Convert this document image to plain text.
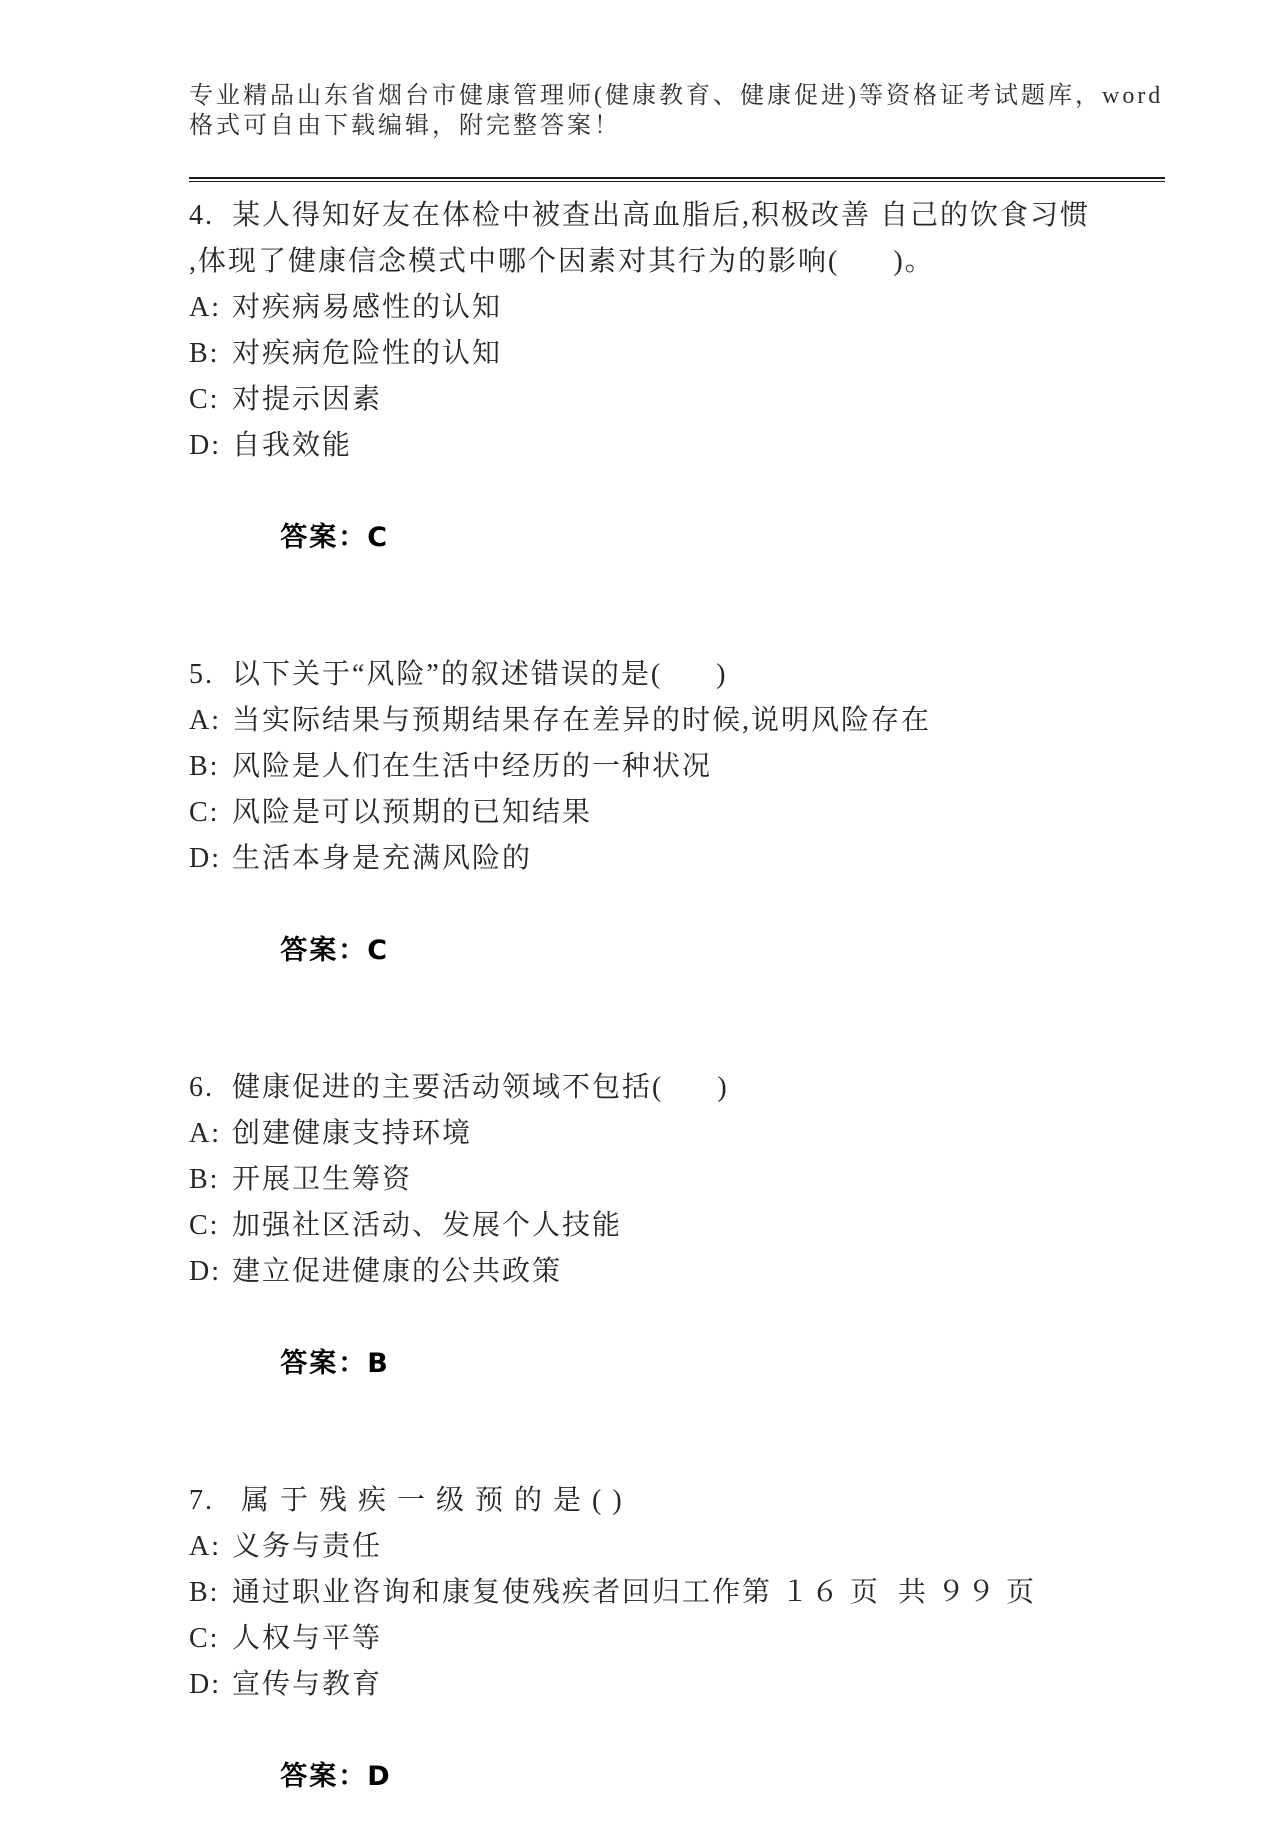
专业精品山东省烟台市健康管理师(健康教育、健康促进)等资格证考试题库，word
格式可自由下载编辑，附完整答案！
4. 某人得知好友在体检中被查出高血脂后,积极改善 自己的饮食习惯
,体现了健康信念模式中哪个因素对其行为的影响(      )。
A: 对疾病易感性的认知
B: 对疾病危险性的认知
C: 对提示因素
D: 自我效能

答案：C

5. 以下关于“风险”的叙述错误的是(      )
A: 当实际结果与预期结果存在差异的时候,说明风险存在
B: 风险是人们在生活中经历的一种状况
C: 风险是可以预期的已知结果
D: 生活本身是充满风险的

答案：C

6. 健康促进的主要活动领域不包括(      )
A: 创建健康支持环境
B: 开展卫生筹资
C: 加强社区活动、发展个人技能
D: 建立促进健康的公共政策

答案：B

7. 属 于 残 疾 一 级 预 的 是 ( )
A: 义务与责任
B: 通过职业咨询和康复使残疾者回归工作第 １６ 页  共 ９９ 页
C: 人权与平等
D: 宣传与教育

答案：D
